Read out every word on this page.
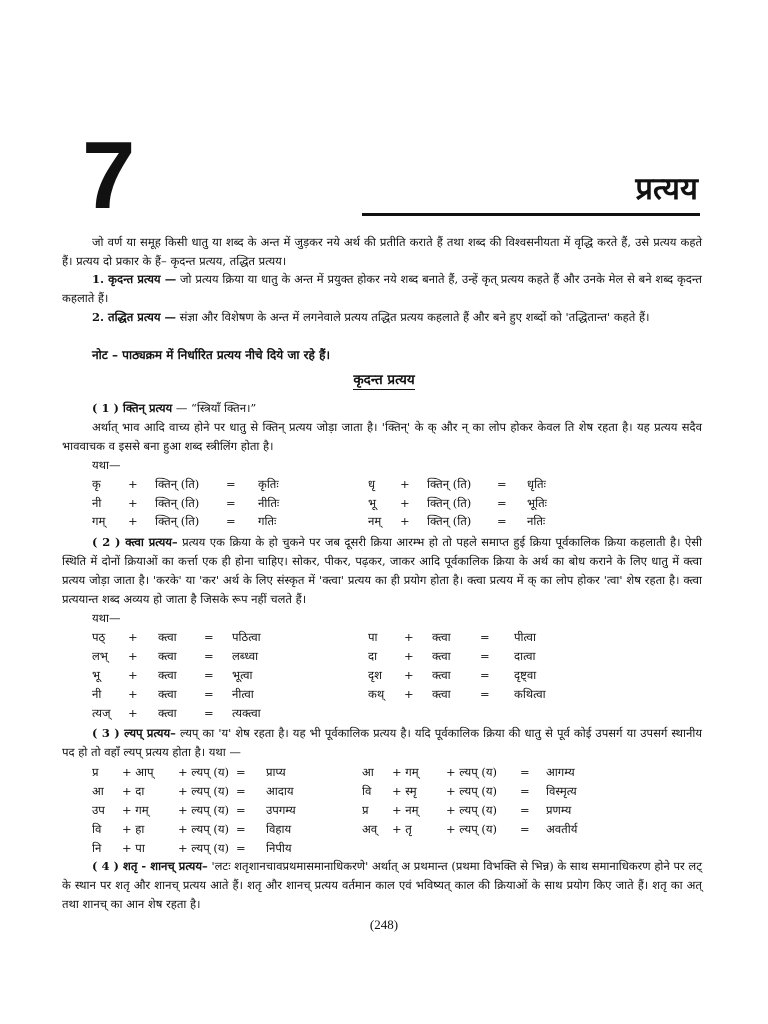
7	प्रत्यय
जो वर्ण या समूह किसी धातु या शब्द के अन्त में जुड़कर नये अर्थ की प्रतीति कराते हैं तथा शब्द की विश्वसनीयता में वृद्धि करते हैं, उसे प्रत्यय कहते हैं। प्रत्यय दो प्रकार के हैं– कृदन्त प्रत्यय, तद्धित प्रत्यय।
1. कृदन्त प्रत्यय — जो प्रत्यय क्रिया या धातु के अन्त में प्रयुक्त होकर नये शब्द बनाते हैं, उन्हें कृत् प्रत्यय कहते हैं और उनके मेल से बने शब्द कृदन्त कहलाते हैं।
2. तद्धित प्रत्यय — संज्ञा और विशेषण के अन्त में लगनेवाले प्रत्यय तद्धित प्रत्यय कहलाते हैं और बने हुए शब्दों को 'तद्धितान्त' कहते हैं।
नोट – पाठ्यक्रम में निर्धारित प्रत्यय नीचे दिये जा रहे हैं।
कृदन्त प्रत्यय
( 1 ) क्तिन् प्रत्यय — “स्त्रियाँ क्तिन।”
अर्थात् भाव आदि वाच्य होने पर धातु से क्तिन् प्रत्यय जोड़ा जाता है। 'क्तिन्' के क् और न् का लोप होकर केवल ति शेष रहता है। यह प्रत्यय सदैव भाववाचक व इससे बना हुआ शब्द स्त्रीलिंग होता है।
यथा—
कृ + क्तिन् (ति) = कृतिः	धृ + क्तिन् (ति) = धृतिः
नी + क्तिन् (ति) = नीतिः	भू + क्तिन् (ति) = भूतिः
गम् + क्तिन् (ति) = गतिः	नम् + क्तिन् (ति) = नतिः
( 2 ) क्त्वा प्रत्यय– प्रत्यय एक क्रिया के हो चुकने पर जब दूसरी क्रिया आरम्भ हो तो पहले समाप्त हुई क्रिया पूर्वकालिक क्रिया कहलाती है। ऐसी स्थिति में दोनों क्रियाओं का कर्त्ता एक ही होना चाहिए। सोकर, पीकर, पढ़कर, जाकर आदि पूर्वकालिक क्रिया के अर्थ का बोध कराने के लिए धातु में क्त्वा प्रत्यय जोड़ा जाता है। 'करके' या 'कर' अर्थ के लिए संस्कृत में 'क्त्वा' प्रत्यय का ही प्रयोग होता है। क्त्वा प्रत्यय में क् का लोप होकर 'त्वा' शेष रहता है। क्त्वा प्रत्ययान्त शब्द अव्यय हो जाता है जिसके रूप नहीं चलते हैं।
यथा—
पठ् + क्त्वा = पठित्वा	पा + क्त्वा	= पीत्वा
लभ् + क्त्वा = लब्ध्वा	दा + क्त्वा	= दात्वा
भू + क्त्वा = भूत्वा	दृश + क्त्वा	= दृष्ट्वा
नी + क्त्वा = नीत्वा	कथ् + क्त्वा	= कथित्वा
त्यज् + क्त्वा = त्यक्त्वा
( 3 ) ल्यप् प्रत्यय– ल्यप् का 'य' शेष रहता है। यह भी पूर्वकालिक प्रत्यय है। यदि पूर्वकालिक क्रिया की धातु से पूर्व कोई उपसर्ग या उपसर्ग स्थानीय पद हो तो वहाँ ल्यप् प्रत्यय होता है। यथा —
प्र + आप् + ल्यप् (य) = प्राप्य	आ + गम् + ल्यप् (य) = आगम्य
आ + दा	+ ल्यप् (य) = आदाय	वि + स्मृ	+ ल्यप् (य) = विस्मृत्य
उप + गम्	+ ल्यप् (य) = उपगम्य	प्र + नम् + ल्यप् (य) = प्रणम्य
वि + हा	+ ल्यप् (य) = विहाय	अव् + तृ	+ ल्यप् (य) = अवतीर्य
नि + पा	+ ल्यप् (य) = निपीय
( 4 ) शतृ - शानच् प्रत्यय– 'लटः शतृशानचावप्रथमासमानाधिकरणे' अर्थात् अ प्रथमान्त (प्रथमा विभक्ति से भिन्न) के साथ समानाधिकरण होने पर लट् के स्थान पर शतृ और शानच् प्रत्यय आते हैं। शतृ और शानच् प्रत्यय वर्तमान काल एवं भविष्यत् काल की क्रियाओं के साथ प्रयोग किए जाते हैं। शतृ का अत् तथा शानच् का आन शेष रहता है।
(248)
